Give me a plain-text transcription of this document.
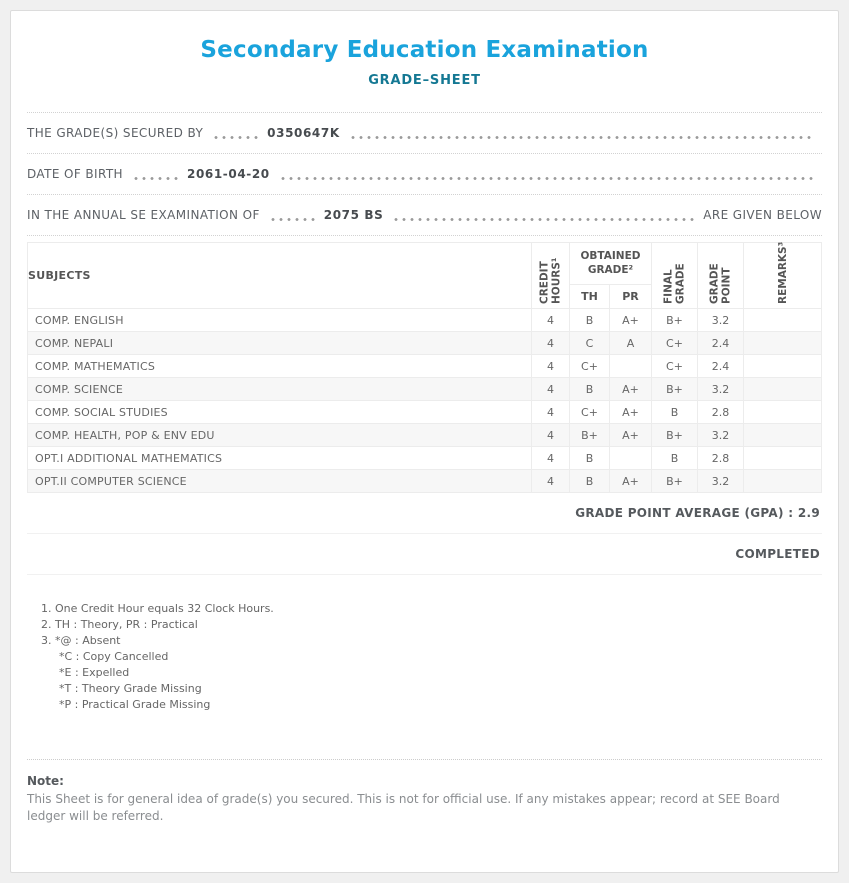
Secondary Education Examination
GRADE–SHEET
THE GRADE(S) SECURED BY	0350647K
DATE OF BIRTH	2061-04-20
IN THE ANNUAL SE EXAMINATION OF	2075 BS	ARE GIVEN BELOW
SUBJECTS	CREDIT HOURS¹	OBTAINED GRADE²		FINAL GRADE	GRADE POINT	REMARKS³

		TH	PR			
COMP. ENGLISH	4	B	A+	B+	3.2	
COMP. NEPALI	4	C	A	C+	2.4	
COMP. MATHEMATICS	4	C+		C+	2.4	
COMP. SCIENCE	4	B	A+	B+	3.2	
COMP. SOCIAL STUDIES	4	C+	A+	B	2.8	
COMP. HEALTH, POP & ENV EDU	4	B+	A+	B+	3.2	
OPT.I ADDITIONAL MATHEMATICS	4	B		B	2.8	
OPT.II COMPUTER SCIENCE	4	B	A+	B+	3.2	
GRADE POINT AVERAGE (GPA) : 2.9
COMPLETED
1. One Credit Hour equals 32 Clock Hours.
2. TH : Theory, PR : Practical
3. *@ : Absent
*C : Copy Cancelled
*E : Expelled
*T : Theory Grade Missing
*P : Practical Grade Missing
Note:
This Sheet is for general idea of grade(s) you secured. This is not for official use. If any mistakes appear; record at SEE Board ledger will be referred.
